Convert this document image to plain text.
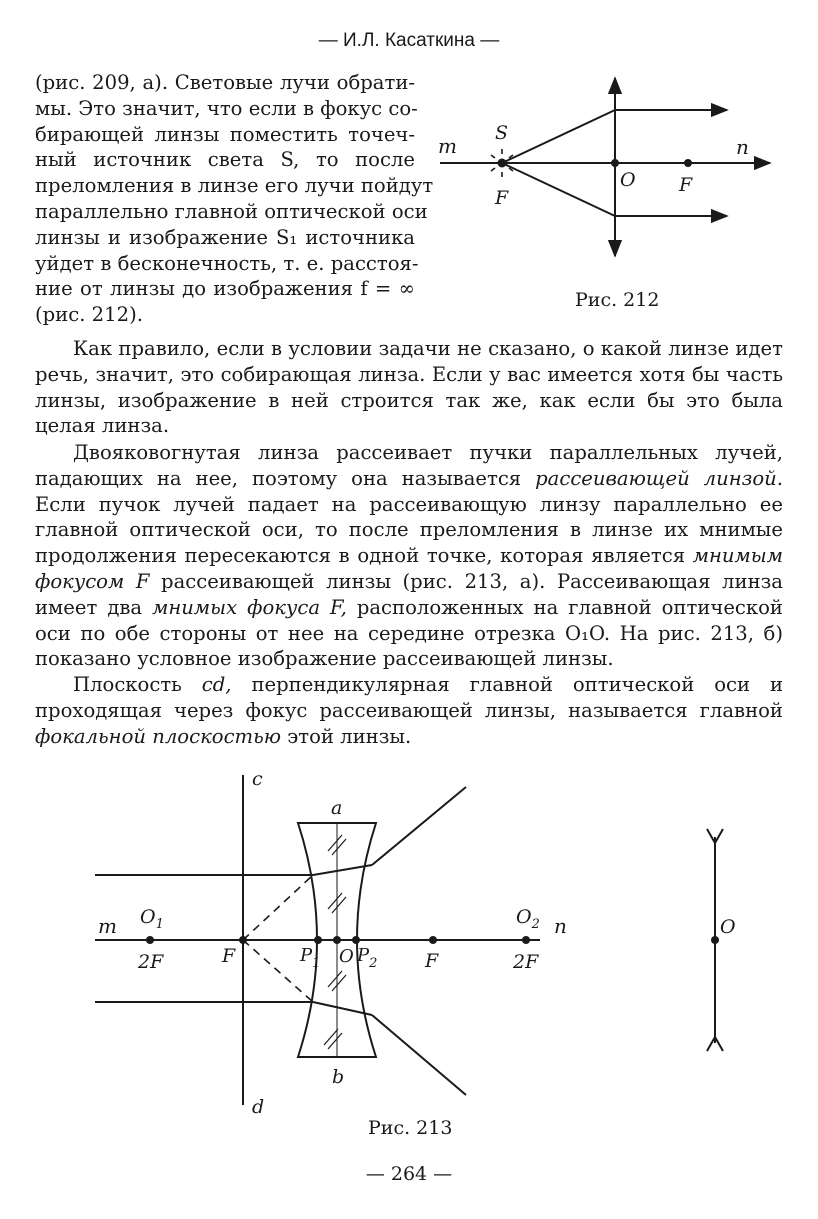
— И.Л. Касаткина —
(рис. 209, а). Световые лучи обрати-
мы. Это значит, что если в фокус со-
бирающей линзы поместить точеч-
ный источник света S, то после
преломления в линзе его лучи пойдут
параллельно главной оптической оси
линзы и изображение S₁ источника
уйдет в бесконечность, т. е. расстоя-
ние от линзы до изображения f = ∞
(рис. 212).
m	n
S
F
O F
Рис. 212

Как правило, если в условии задачи не сказано, о какой линзе идет речь, значит, это собирающая линза. Если у вас имеется хотя бы часть линзы, изображение в ней строится так же, как если бы это была целая линза.

Двояковогнутая линза рассеивает пучки параллельных лучей, падающих на нее, поэтому она называется рассеивающей линзой. Если пучок лучей падает на рассеивающую линзу параллельно ее главной оптической оси, то после преломления в линзе их мнимые продолжения пересекаются в одной точке, которая является мнимым фокусом F рассеивающей линзы (рис. 213, а). Рассеивающая линза имеет два мнимых фокуса F, расположенных на главной оптической оси по обе стороны от нее на середине отрезка O₁O. На рис. 213, б) показано условное изображение рассеивающей линзы.

Плоскость cd, перпендикулярная главной оптической оси и проходящая через фокус рассеивающей линзы, называется главной фокальной плоскостью этой линзы.

c
d
a
b
m	n
$O_1$
2F	F	$P_1$ O $P_2$	F
$O_2$
2F
O
Рис. 213
— 264 —
